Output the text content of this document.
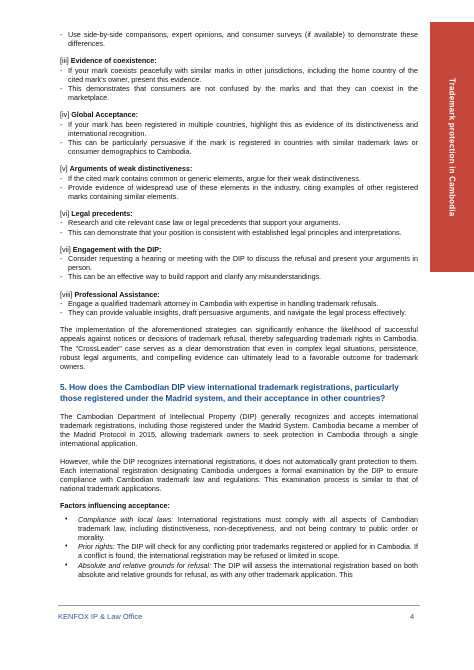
Trademark protection in Cambodia
- Use side-by-side comparisons, expert opinions, and consumer surveys (if available) to demonstrate these differences.
[iii] Evidence of coexistence:
- If your mark coexists peacefully with similar marks in other jurisdictions, including the home country of the cited mark's owner, present this evidence.
- This demonstrates that consumers are not confused by the marks and that they can coexist in the marketplace.
[iv] Global Acceptance:
- If your mark has been registered in multiple countries, highlight this as evidence of its distinctiveness and international recognition.
- This can be particularly persuasive if the mark is registered in countries with similar trademark laws or consumer demographics to Cambodia.
[v] Arguments of weak distinctiveness:
- If the cited mark contains common or generic elements, argue for their weak distinctiveness.
- Provide evidence of widespread use of these elements in the industry, citing examples of other registered marks containing similar elements.
[vi] Legal precedents:
- Research and cite relevant case law or legal precedents that support your arguments.
- This can demonstrate that your position is consistent with established legal principles and interpretations.
[vii] Engagement with the DIP:
- Consider requesting a hearing or meeting with the DIP to discuss the refusal and present your arguments in person.
- This can be an effective way to build rapport and clarify any misunderstandings.
[viii] Professional Assistance:
- Engage a qualified trademark attorney in Cambodia with expertise in handling trademark refusals.
- They can provide valuable insights, draft persuasive arguments, and navigate the legal process effectively.
The implementation of the aforementioned strategies can significantly enhance the likelihood of successful appeals against notices or decisions of trademark refusal, thereby safeguarding trademark rights in Cambodia. The "CrossLeader" case serves as a clear demonstration that even in complex legal situations, persistence, robust legal arguments, and compelling evidence can ultimately lead to a favorable outcome for trademark owners.
5. How does the Cambodian DIP view international trademark registrations, particularly those registered under the Madrid system, and their acceptance in other countries?
The Cambodian Department of Intellectual Property (DIP) generally recognizes and accepts international trademark registrations, including those registered under the Madrid System. Cambodia became a member of the Madrid Protocol in 2015, allowing trademark owners to seek protection in Cambodia through a single international application.
However, while the DIP recognizes international registrations, it does not automatically grant protection to them. Each international registration designating Cambodia undergoes a formal examination by the DIP to ensure compliance with Cambodian trademark law and regulations. This examination process is similar to that of national trademark applications.
Factors influencing acceptance:
• Compliance with local laws: International registrations must comply with all aspects of Cambodian trademark law, including distinctiveness, non-deceptiveness, and not being contrary to public order or morality.
• Prior rights: The DIP will check for any conflicting prior trademarks registered or applied for in Cambodia. If a conflict is found, the international registration may be refused or limited in scope.
• Absolute and relative grounds for refusal: The DIP will assess the international registration based on both absolute and relative grounds for refusal, as with any other trademark application. This
KENFOX IP & Law Office	4
